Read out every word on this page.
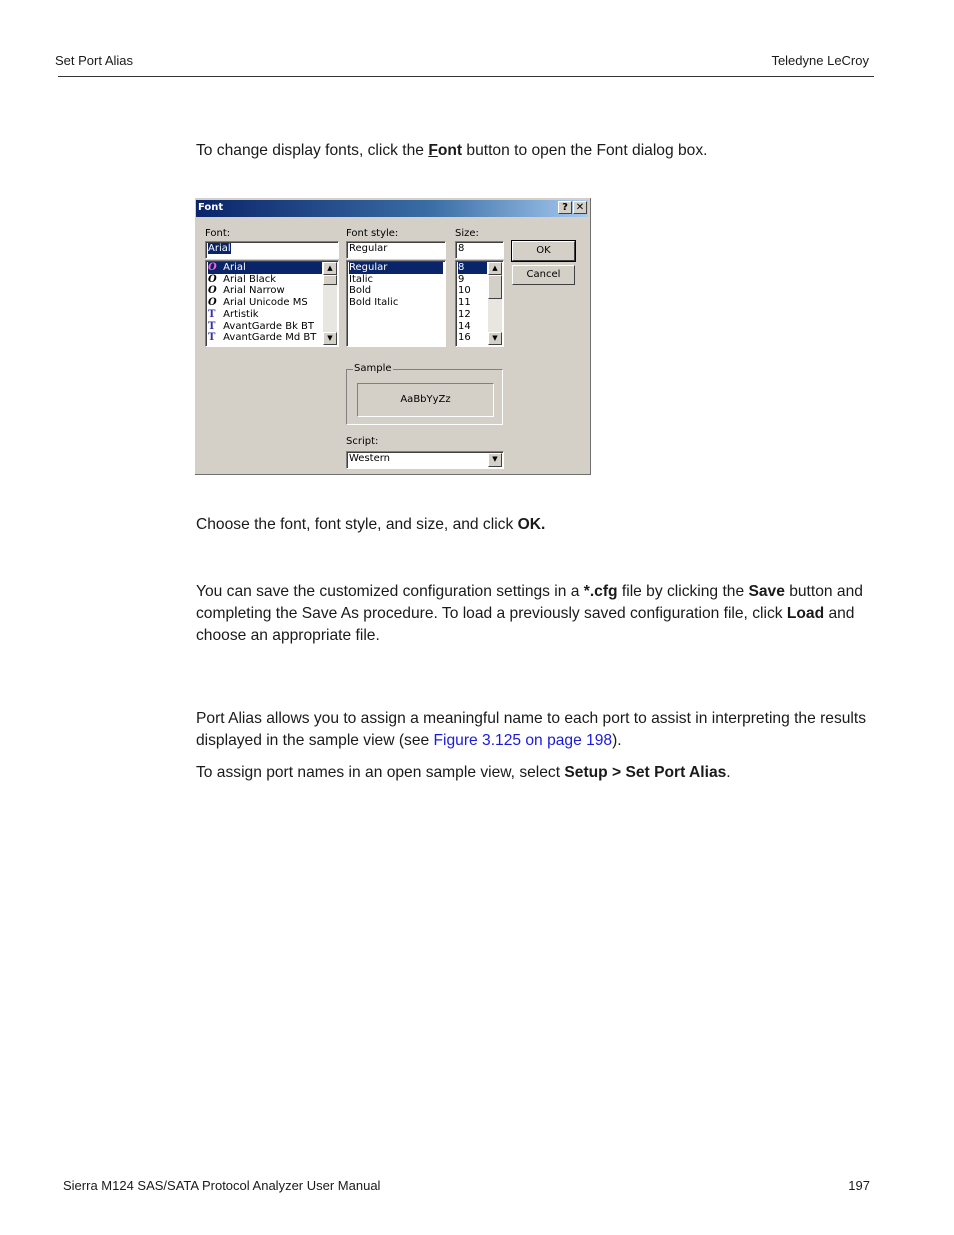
Set Port Alias	Teledyne LeCroy
To change display fonts, click the Font button to open the Font dialog box.
Font	? ✕
Font:
Arial
O Arial
O Arial Black
O Arial Narrow
O Arial Unicode MS
T Artistik
T AvantGarde Bk BT
T AvantGarde Md BT
▲
▼
Font style:
Regular
Regular
Italic
Bold
Bold Italic
Size:
8
8
9
10
11
12
14
16
▲
▼
OK
Cancel
Sample
AaBbYyZz
Script:
Western	▼
Choose the font, font style, and size, and click OK.
You can save the customized configuration settings in a *.cfg file by clicking the Save button and completing the Save As procedure. To load a previously saved configuration file, click Load and choose an appropriate file.
Port Alias allows you to assign a meaningful name to each port to assist in interpreting the results displayed in the sample view (see Figure 3.125 on page 198).
To assign port names in an open sample view, select Setup > Set Port Alias.
Sierra M124 SAS/SATA Protocol Analyzer User Manual	197
